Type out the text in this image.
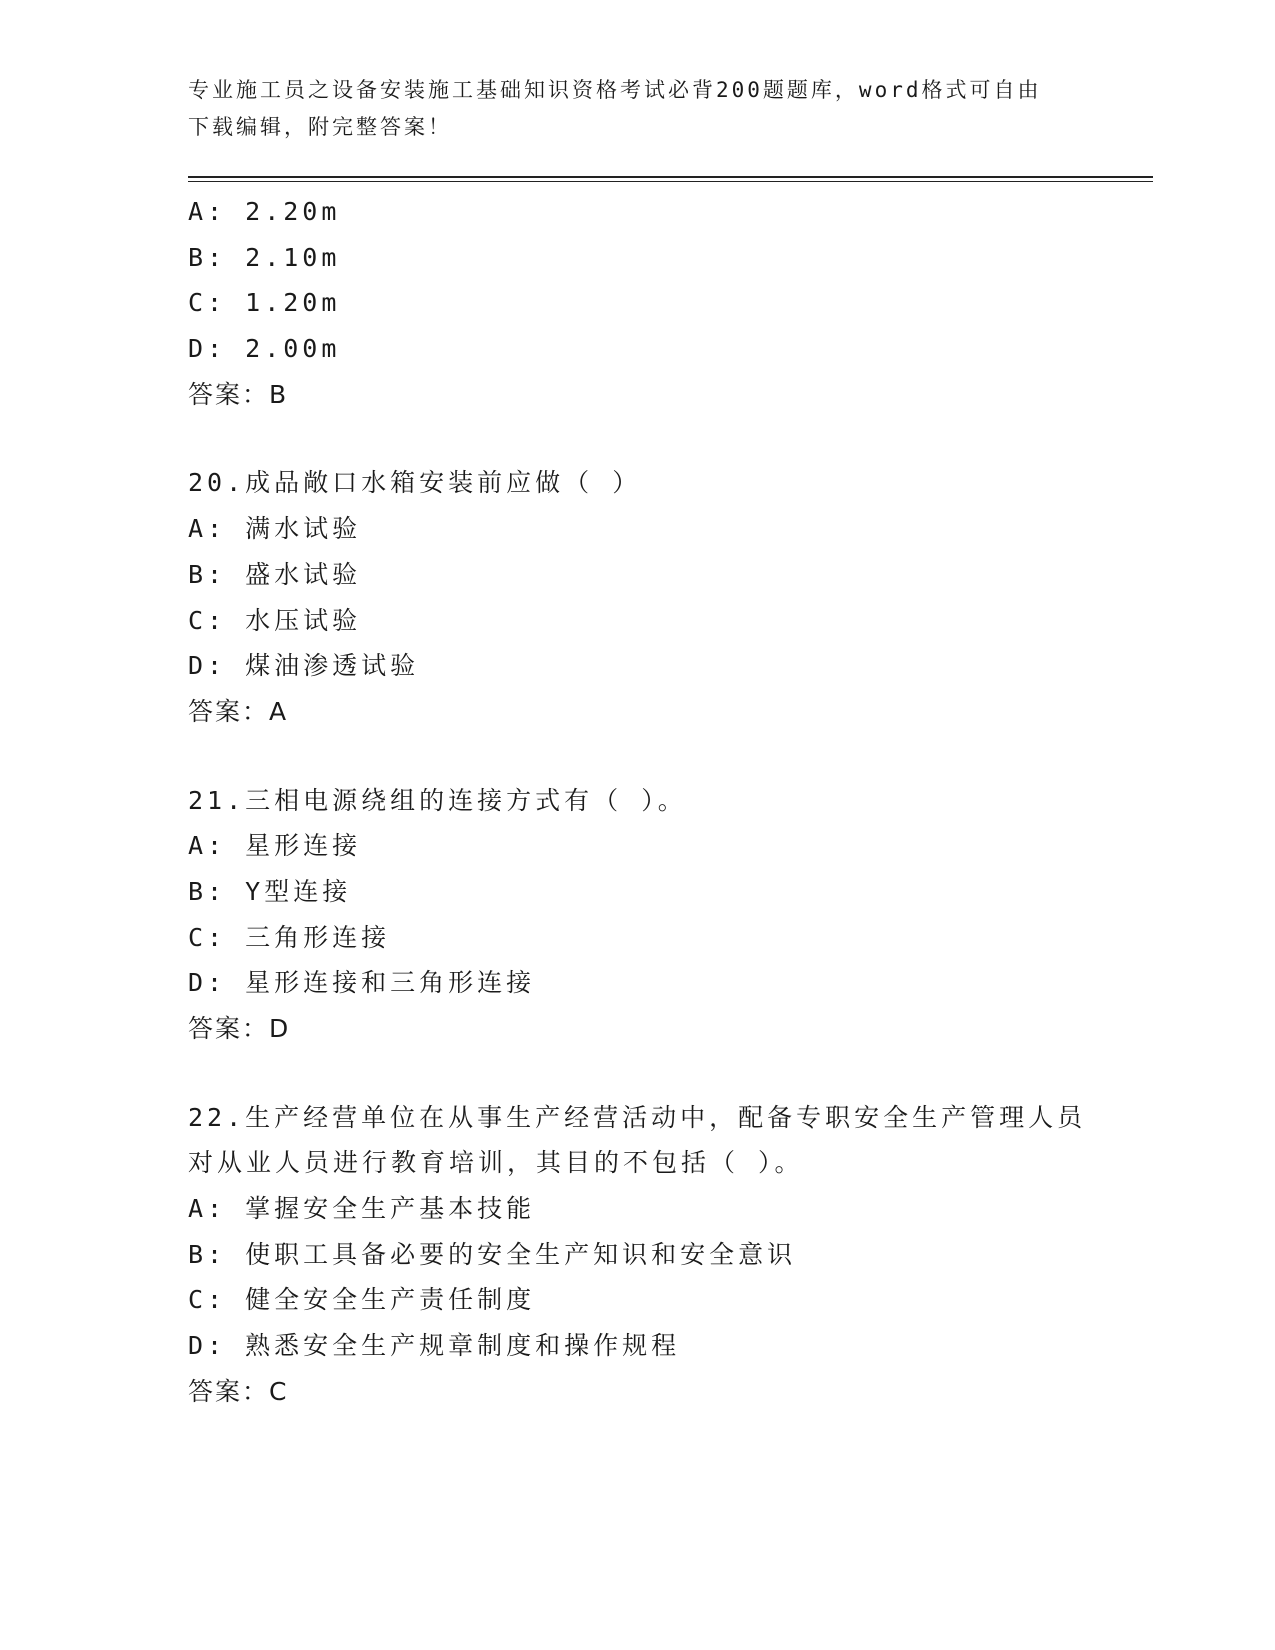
专业施工员之设备安装施工基础知识资格考试必背200题题库，word格式可自由
下载编辑，附完整答案！
A: 2.20m
B: 2.10m
C: 1.20m
D: 2.00m
答案：B
20.成品敞口水箱安装前应做（ ）
A: 满水试验
B: 盛水试验
C: 水压试验
D: 煤油渗透试验
答案：A
21.三相电源绕组的连接方式有（ ）。
A: 星形连接
B: Y型连接
C: 三角形连接
D: 星形连接和三角形连接
答案：D
22.生产经营单位在从事生产经营活动中，配备专职安全生产管理人员
对从业人员进行教育培训，其目的不包括（ ）。
A: 掌握安全生产基本技能
B: 使职工具备必要的安全生产知识和安全意识
C: 健全安全生产责任制度
D: 熟悉安全生产规章制度和操作规程
答案：C
